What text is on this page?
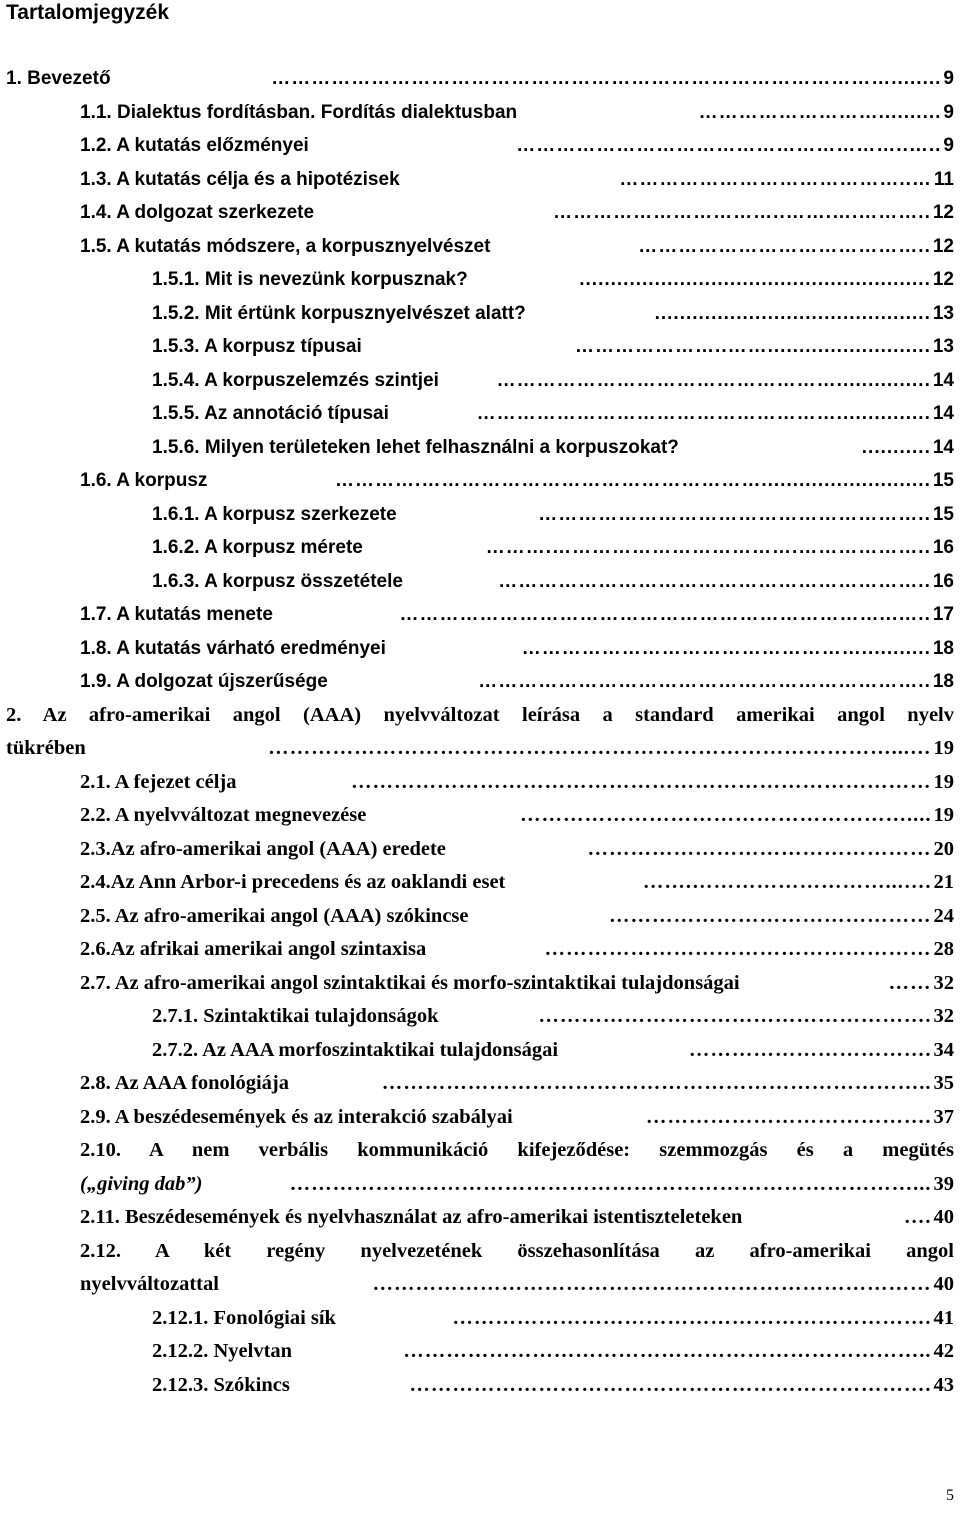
Tartalomjegyzék
1. Bevezető	9
…………………………………………………………………………………........
1.1. Dialektus fordításban. Fordítás dialektusban	9
………………………..........
1.2. A kutatás előzményei	9
…………………………………………………..…..
1.3. A kutatás célja és a hipotézisek	11
……………………………………..…
1.4. A dolgozat szerkezete	12
……………………………..…….….………..
1.5. A kutatás módszere, a korpusznyelvészet	12
……………………………………..
1.5.1. Mit is nevezünk korpusznak?	12
........................................................
1.5.2. Mit értünk korpusznyelvészet alatt?	13
............................................
1.5.3. A korpusz típusai	13
…………………..……..........................
1.5.4. A korpuszelemzés szintjei	14
……………………………………………...............
1.5.5. Az annotáció típusai	14
………………………………………………...............
1.5.6. Milyen területeken lehet felhasználni a korpuszokat?	14
...........
1.6. A korpusz	15
………….……………………………………………...........................
1.6.1. A korpusz szerkezete	15
…………………………………………………..
1.6.2. A korpusz mérete	16
……….……………………………….………………..
1.6.3. A korpusz összetétele	16
………………………………………………………..
1.7. A kutatás menete	17
………………………………………………………………...…..
1.8. A kutatás várható eredményei	18
……………………………………………...........
1.9. A dolgozat újszerűsége	18
…………………………………………………………..
2. Az afro-amerikai angol (AAA) nyelvváltozat leírása a standard amerikai angol nyelv
tükrében	19
……………………………………………………………………………...…
2.1. A fejezet célja	19
………………………………………………………………………
2.2. A nyelvváltozat megnevezése	19
………………………………………………....
2.3.Az afro-amerikai angol (AAA) eredete	20
…………………………………………
2.4.Az Ann Arbor-i precedens és az oaklandi eset	21
…….………………………...….
2.5. Az afro-amerikai angol (AAA) szókincse	24
………………………………………
2.6.Az afrikai amerikai angol szintaxisa	28
………………………………………………
2.7. Az afro-amerikai angol szintaktikai és morfo-szintaktikai tulajdonságai	32
……
2.7.1. Szintaktikai tulajdonságok	32
……………………………………………….
2.7.2. Az AAA morfoszintaktikai tulajdonságai	34
…………………………….
2.8. Az AAA fonológiája	35
…………………………………………………………………..
2.9. A beszédesemények és az interakció szabályai	37
………………………………….
2.10. A nem verbális kommunikáció kifejeződése: szemmozgás és a megütés
(„giving dab”)	39
……………………………………………………………………………...
2.11. Beszédesemények és nyelvhasználat az afro-amerikai istentiszteleteken	40
….
2.12. A két regény nyelvezetének összehasonlítása az afro-amerikai angol
nyelvváltozattal	40
……………………………………………………………………
2.12.1. Fonológiai sík	41
………………………………………………………….
2.12.2. Nyelvtan	42
………………………………………………………………..
2.12.3. Szókincs	43
……………………………………………………………….
5
